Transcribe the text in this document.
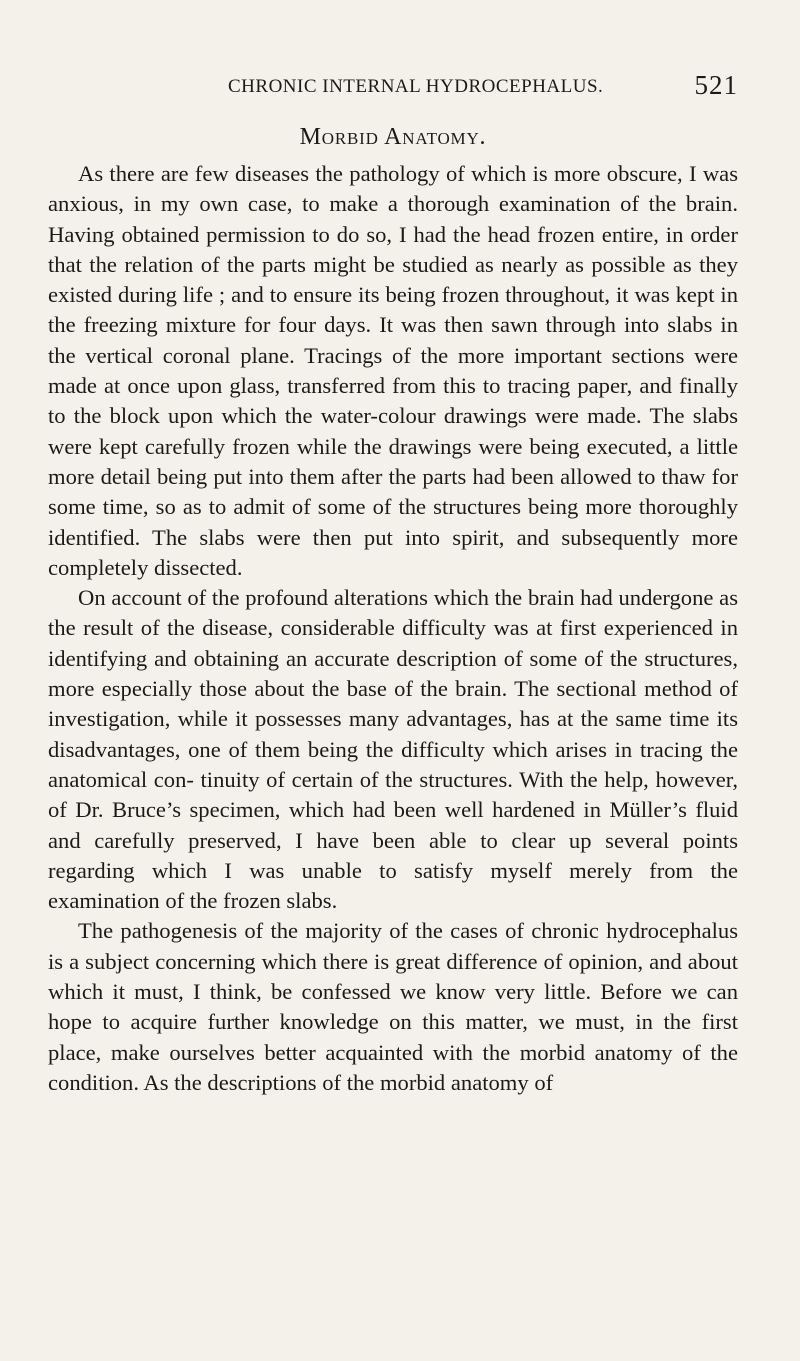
CHRONIC INTERNAL HYDROCEPHALUS.	521
Morbid Anatomy.

As there are few diseases the pathology of which is more obscure, I was anxious, in my own case, to make a thorough examination of the brain. Having obtained permission to do so, I had the head frozen entire, in order that the relation of the parts might be studied as nearly as possible as they existed during life ; and to ensure its being frozen throughout, it was kept in the freezing mixture for four days. It was then sawn through into slabs in the vertical coronal plane. Tracings of the more important sections were made at once upon glass, transferred from this to tracing paper, and finally to the block upon which the water-colour drawings were made. The slabs were kept carefully frozen while the drawings were being executed, a little more detail being put into them after the parts had been allowed to thaw for some time, so as to admit of some of the structures being more thoroughly identified. The slabs were then put into spirit, and subsequently more completely dissected.

On account of the profound alterations which the brain had undergone as the result of the disease, considerable difficulty was at first experienced in identifying and obtaining an accurate description of some of the structures, more especially those about the base of the brain. The sectional method of investigation, while it possesses many advantages, has at the same time its disadvantages, one of them being the difficulty which arises in tracing the anatomical con- tinuity of certain of the structures. With the help, however, of Dr. Bruce’s specimen, which had been well hardened in Müller’s fluid and carefully preserved, I have been able to clear up several points regarding which I was unable to satisfy myself merely from the examination of the frozen slabs.

The pathogenesis of the majority of the cases of chronic hydrocephalus is a subject concerning which there is great difference of opinion, and about which it must, I think, be confessed we know very little. Before we can hope to acquire further knowledge on this matter, we must, in the first place, make ourselves better acquainted with the morbid anatomy of the condition. As the descriptions of the morbid anatomy of
